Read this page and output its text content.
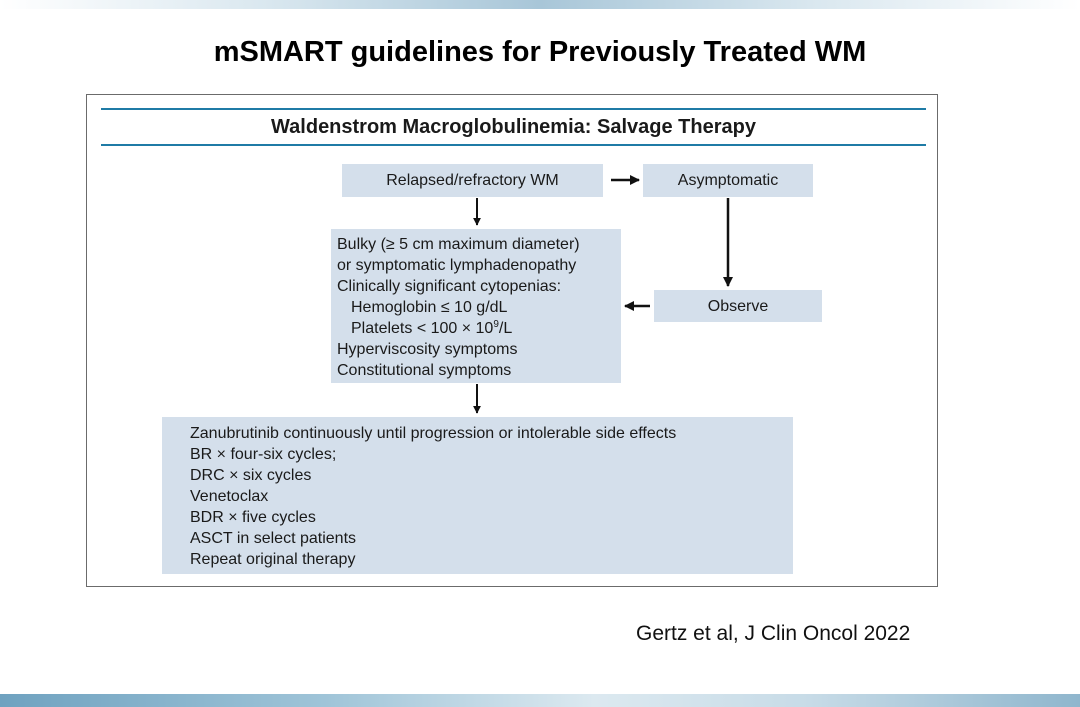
mSMART guidelines for Previously Treated WM
Waldenstrom Macroglobulinemia: Salvage Therapy
Relapsed/refractory WM	Asymptomatic
Bulky (≥ 5 cm maximum diameter)
or symptomatic lymphadenopathy
Clinically significant cytopenias:
Hemoglobin ≤ 10 g/dL
Platelets < $100 \times 10^9/L$
Hyperviscosity symptoms
Constitutional symptoms
Observe
Zanubrutinib continuously until progression or intolerable side effects
BR × four-six cycles;
DRC × six cycles
Venetoclax
BDR × five cycles
ASCT in select patients
Repeat original therapy
Gertz et al, J Clin Oncol 2022
